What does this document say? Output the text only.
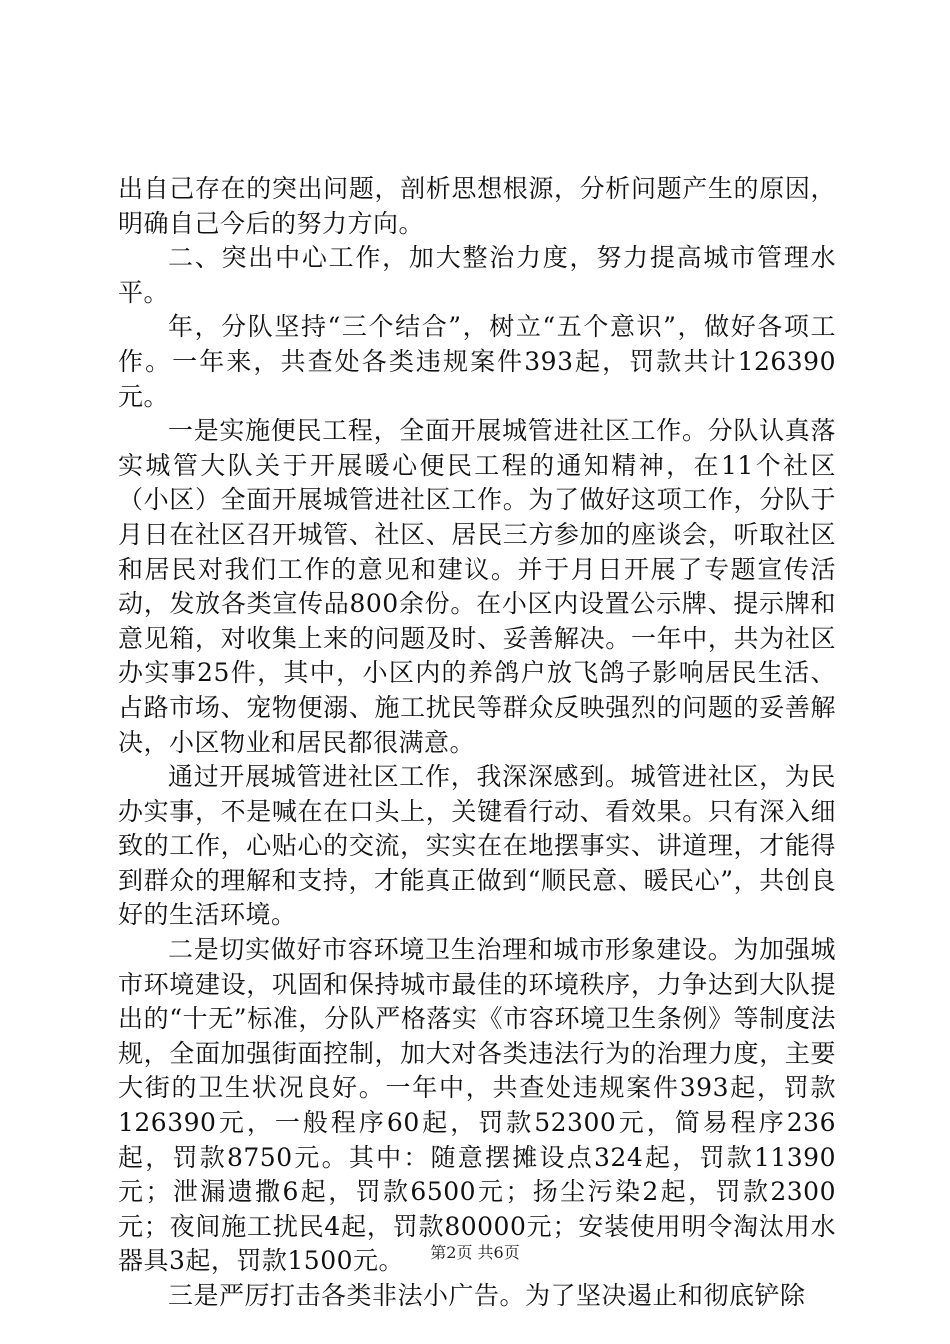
出自己存在的突出问题，剖析思想根源，分析问题产生的原因，明确自己今后的努力方向。

二、突出中心工作，加大整治力度，努力提高城市管理水平。

年，分队坚持“三个结合”，树立“五个意识”，做好各项工作。一年来，共查处各类违规案件393起，罚款共计126390元。

一是实施便民工程，全面开展城管进社区工作。分队认真落实城管大队关于开展暖心便民工程的通知精神，在11个社区（小区）全面开展城管进社区工作。为了做好这项工作，分队于月日在社区召开城管、社区、居民三方参加的座谈会，听取社区和居民对我们工作的意见和建议。并于月日开展了专题宣传活动，发放各类宣传品800余份。在小区内设置公示牌、提示牌和意见箱，对收集上来的问题及时、妥善解决。一年中，共为社区办实事25件，其中，小区内的养鸽户放飞鸽子影响居民生活、占路市场、宠物便溺、施工扰民等群众反映强烈的问题的妥善解决，小区物业和居民都很满意。

通过开展城管进社区工作，我深深感到。城管进社区，为民办实事，不是喊在在口头上，关键看行动、看效果。只有深入细致的工作，心贴心的交流，实实在在地摆事实、讲道理，才能得到群众的理解和支持，才能真正做到“顺民意、暖民心”，共创良好的生活环境。

二是切实做好市容环境卫生治理和城市形象建设。为加强城市环境建设，巩固和保持城市最佳的环境秩序，力争达到大队提出的“十无”标准，分队严格落实《市容环境卫生条例》等制度法规，全面加强街面控制，加大对各类违法行为的治理力度，主要大街的卫生状况良好。一年中，共查处违规案件393起，罚款126390元，一般程序60起，罚款52300元，简易程序236起，罚款8750元。其中：随意摆摊设点324起，罚款11390元；泄漏遗撒6起，罚款6500元；扬尘污染2起，罚款2300元；夜间施工扰民4起，罚款80000元；安装使用明令淘汰用水器具3起，罚款1500元。

三是严厉打击各类非法小广告。为了坚决遏止和彻底铲除

第2页 共6页
